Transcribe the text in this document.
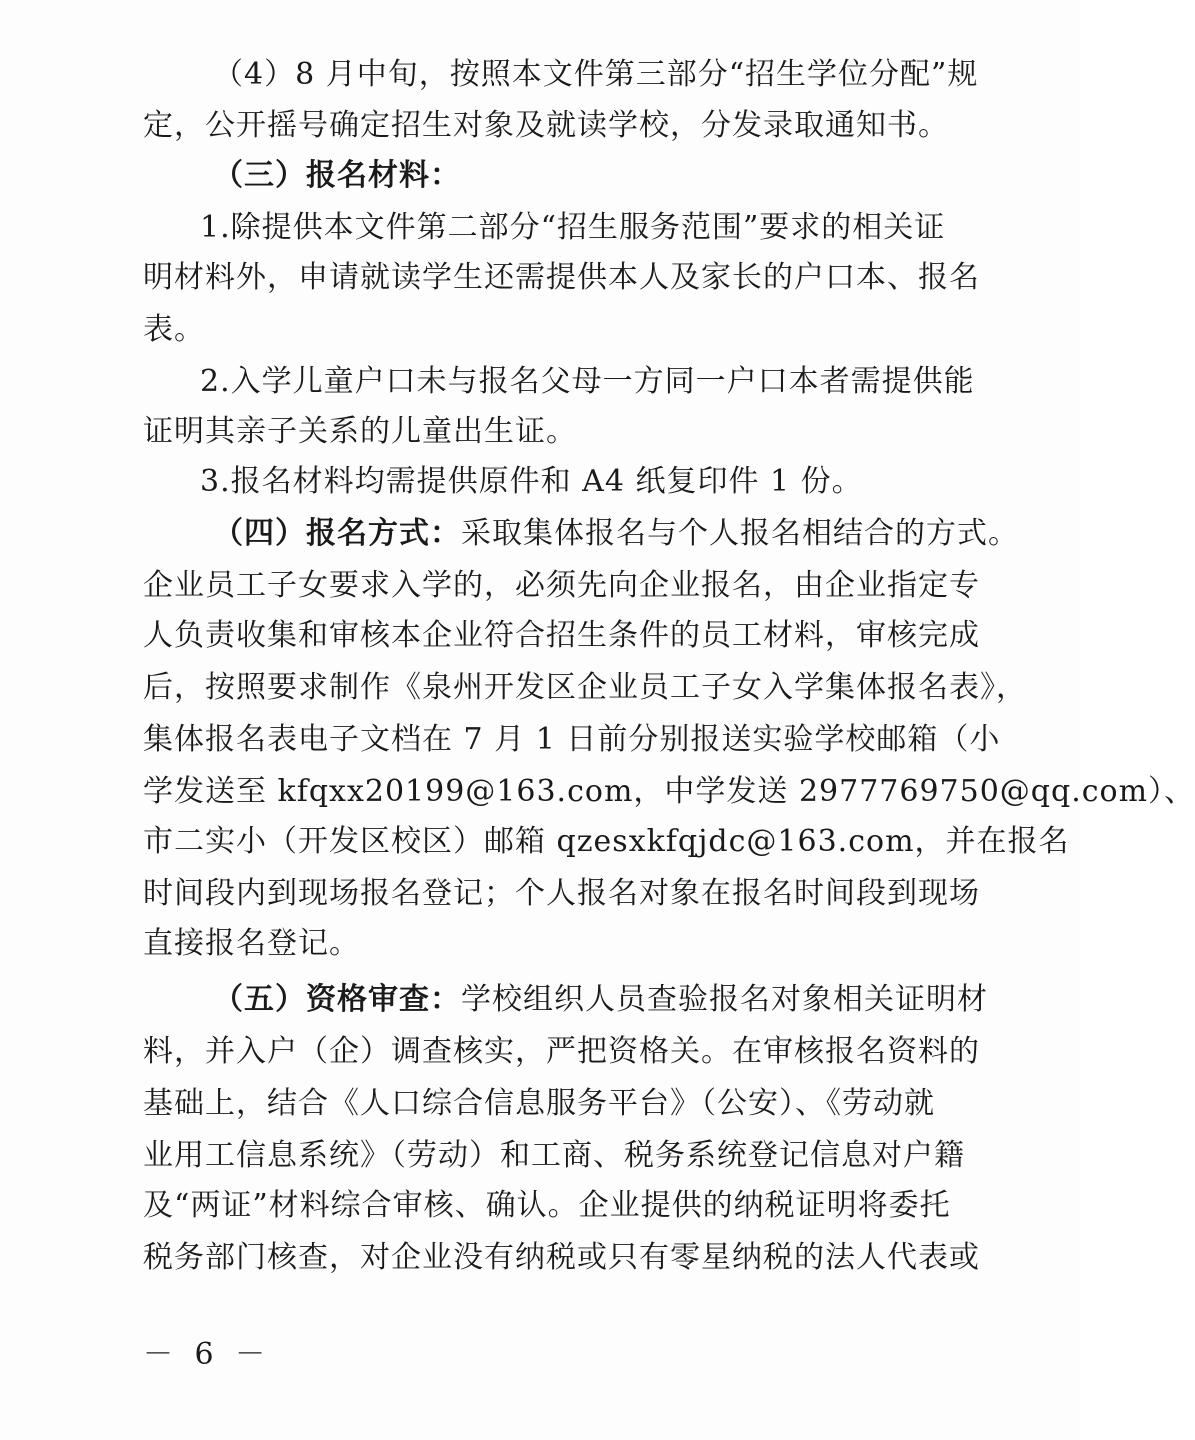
（4）8 月中旬，按照本文件第三部分“招生学位分配”规
定，公开摇号确定招生对象及就读学校，分发录取通知书。
（三）报名材料：
1.除提供本文件第二部分“招生服务范围”要求的相关证
明材料外，申请就读学生还需提供本人及家长的户口本、报名
表。
2.入学儿童户口未与报名父母一方同一户口本者需提供能
证明其亲子关系的儿童出生证。
3.报名材料均需提供原件和 A4 纸复印件 1 份。
（四）报名方式：采取集体报名与个人报名相结合的方式。
企业员工子女要求入学的，必须先向企业报名，由企业指定专
人负责收集和审核本企业符合招生条件的员工材料，审核完成
后，按照要求制作《泉州开发区企业员工子女入学集体报名表》，
集体报名表电子文档在 7 月 1 日前分别报送实验学校邮箱（小
学发送至 kfqxx20199@163.com，中学发送 2977769750@qq.com）、
市二实小（开发区校区）邮箱 qzesxkfqjdc@163.com，并在报名
时间段内到现场报名登记；个人报名对象在报名时间段到现场
直接报名登记。
（五）资格审查：学校组织人员查验报名对象相关证明材
料，并入户（企）调查核实，严把资格关。在审核报名资料的
基础上，结合《人口综合信息服务平台》（公安）、《劳动就
业用工信息系统》（劳动）和工商、税务系统登记信息对户籍
及“两证”材料综合审核、确认。企业提供的纳税证明将委托
税务部门核查，对企业没有纳税或只有零星纳税的法人代表或
－ 6 －
